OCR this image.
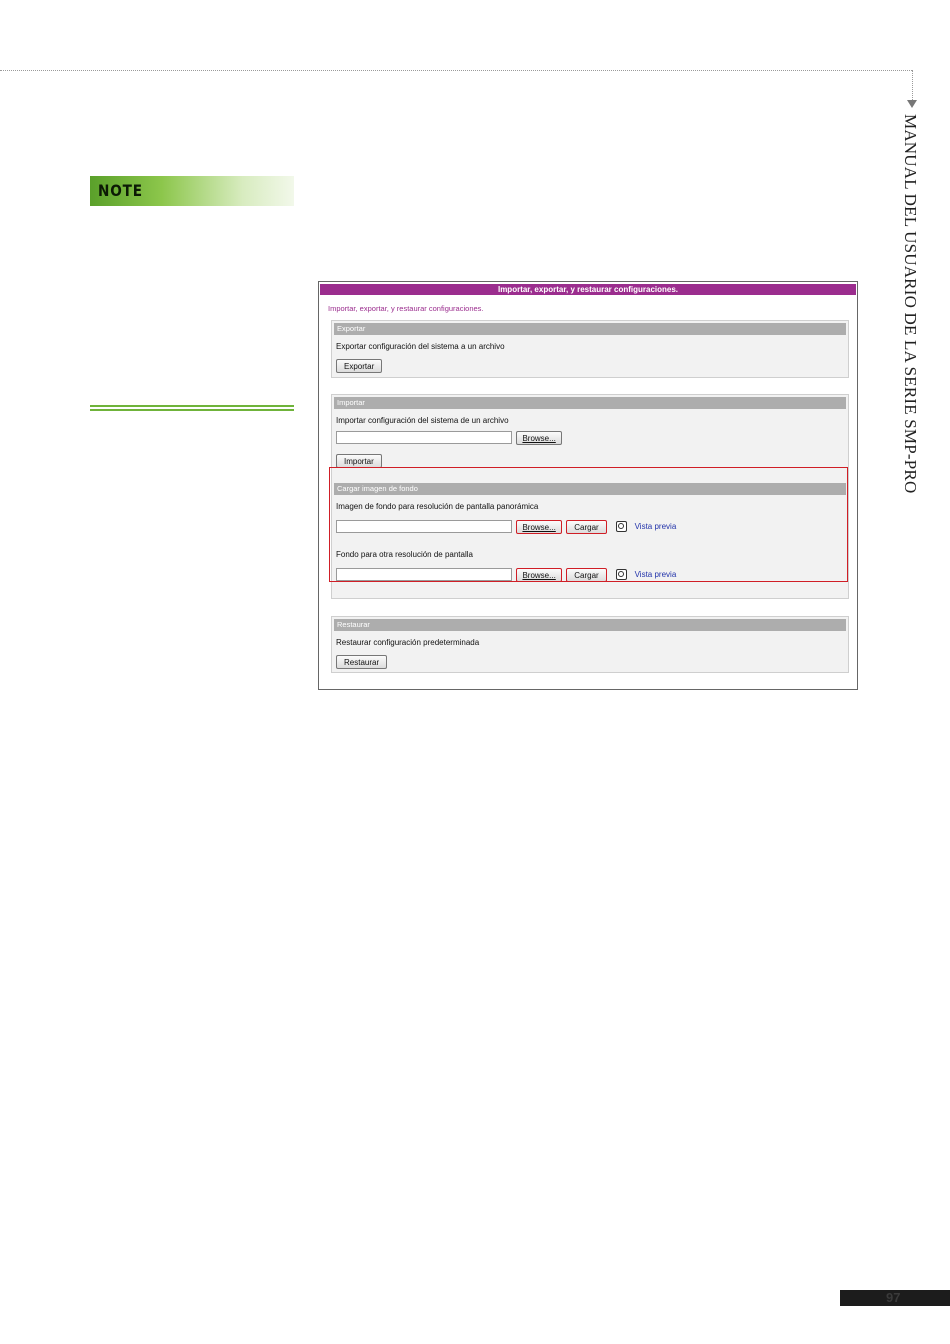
MANUAL DEL USUARIO DE LA SERIE SMP-PRO
NOTE
Importar, exportar, y restaurar configuraciones.
Importar, exportar, y restaurar configuraciones.
Exportar
Exportar configuración del sistema a un archivo
Exportar
Importar
Importar configuración del sistema de un archivo
Browse...
Importar
Cargar imagen de fondo
Imagen de fondo para resolución de pantalla panorámica
Browse... Cargar	Vista previa
Fondo para otra resolución de pantalla
Browse... Cargar	Vista previa
Restaurar
Restaurar configuración predeterminada
Restaurar
97
